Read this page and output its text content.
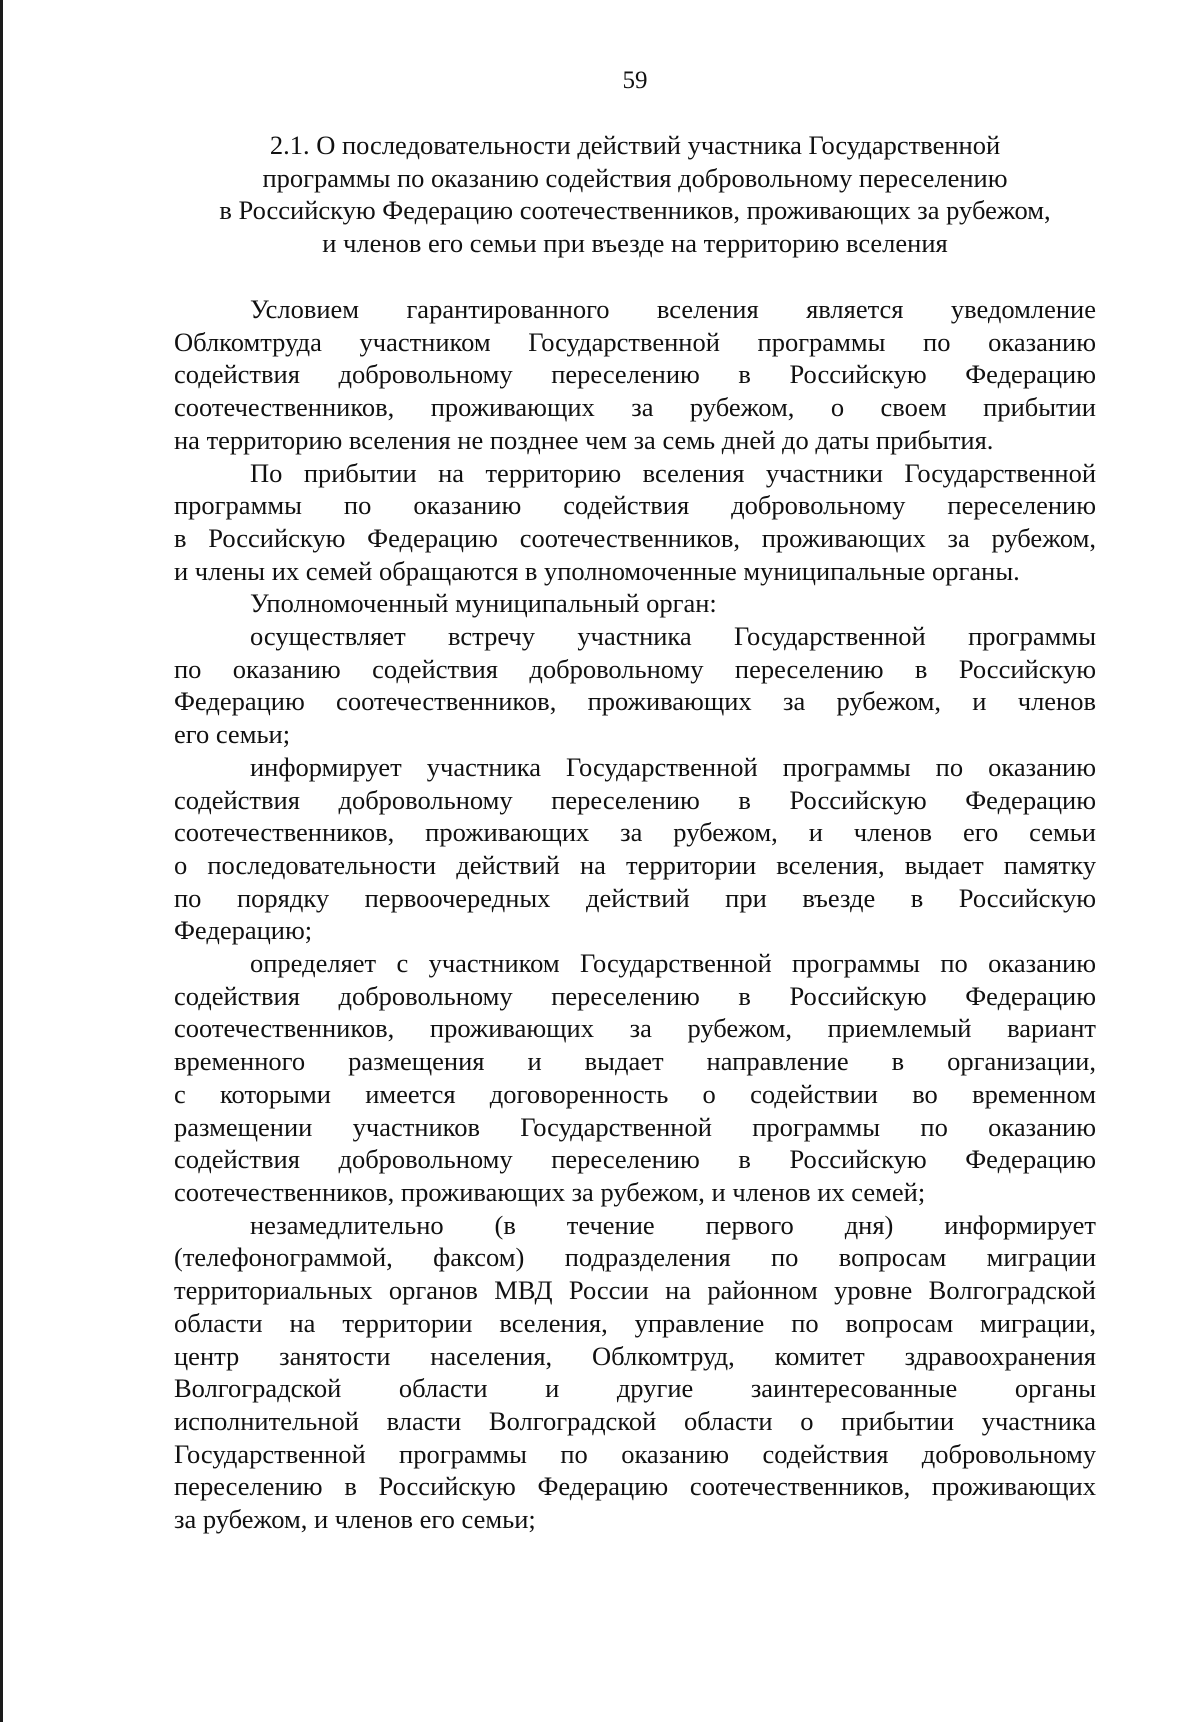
59
2.1. О последовательности действий участника Государственной
программы по оказанию содействия добровольному переселению
в Российскую Федерацию соотечественников, проживающих за рубежом,
и членов его семьи при въезде на территорию вселения
Условием гарантированного вселения является уведомление
Облкомтруда участником Государственной программы по оказанию
содействия добровольному переселению в Российскую Федерацию
соотечественников, проживающих за рубежом, о своем прибытии
на территорию вселения не позднее чем за семь дней до даты прибытия.
По прибытии на территорию вселения участники Государственной
программы по оказанию содействия добровольному переселению
в Российскую Федерацию соотечественников, проживающих за рубежом,
и члены их семей обращаются в уполномоченные муниципальные органы.
Уполномоченный муниципальный орган:
осуществляет встречу участника Государственной программы
по оказанию содействия добровольному переселению в Российскую
Федерацию соотечественников, проживающих за рубежом, и членов
его семьи;
информирует участника Государственной программы по оказанию
содействия добровольному переселению в Российскую Федерацию
соотечественников, проживающих за рубежом, и членов его семьи
о последовательности действий на территории вселения, выдает памятку
по порядку первоочередных действий при въезде в Российскую
Федерацию;
определяет с участником Государственной программы по оказанию
содействия добровольному переселению в Российскую Федерацию
соотечественников, проживающих за рубежом, приемлемый вариант
временного размещения и выдает направление в организации,
с которыми имеется договоренность о содействии во временном
размещении участников Государственной программы по оказанию
содействия добровольному переселению в Российскую Федерацию
соотечественников, проживающих за рубежом, и членов их семей;
незамедлительно (в течение первого дня) информирует
(телефонограммой, факсом) подразделения по вопросам миграции
территориальных органов МВД России на районном уровне Волгоградской
области на территории вселения, управление по вопросам миграции,
центр занятости населения, Облкомтруд, комитет здравоохранения
Волгоградской области и другие заинтересованные органы
исполнительной власти Волгоградской области о прибытии участника
Государственной программы по оказанию содействия добровольному
переселению в Российскую Федерацию соотечественников, проживающих
за рубежом, и членов его семьи;
